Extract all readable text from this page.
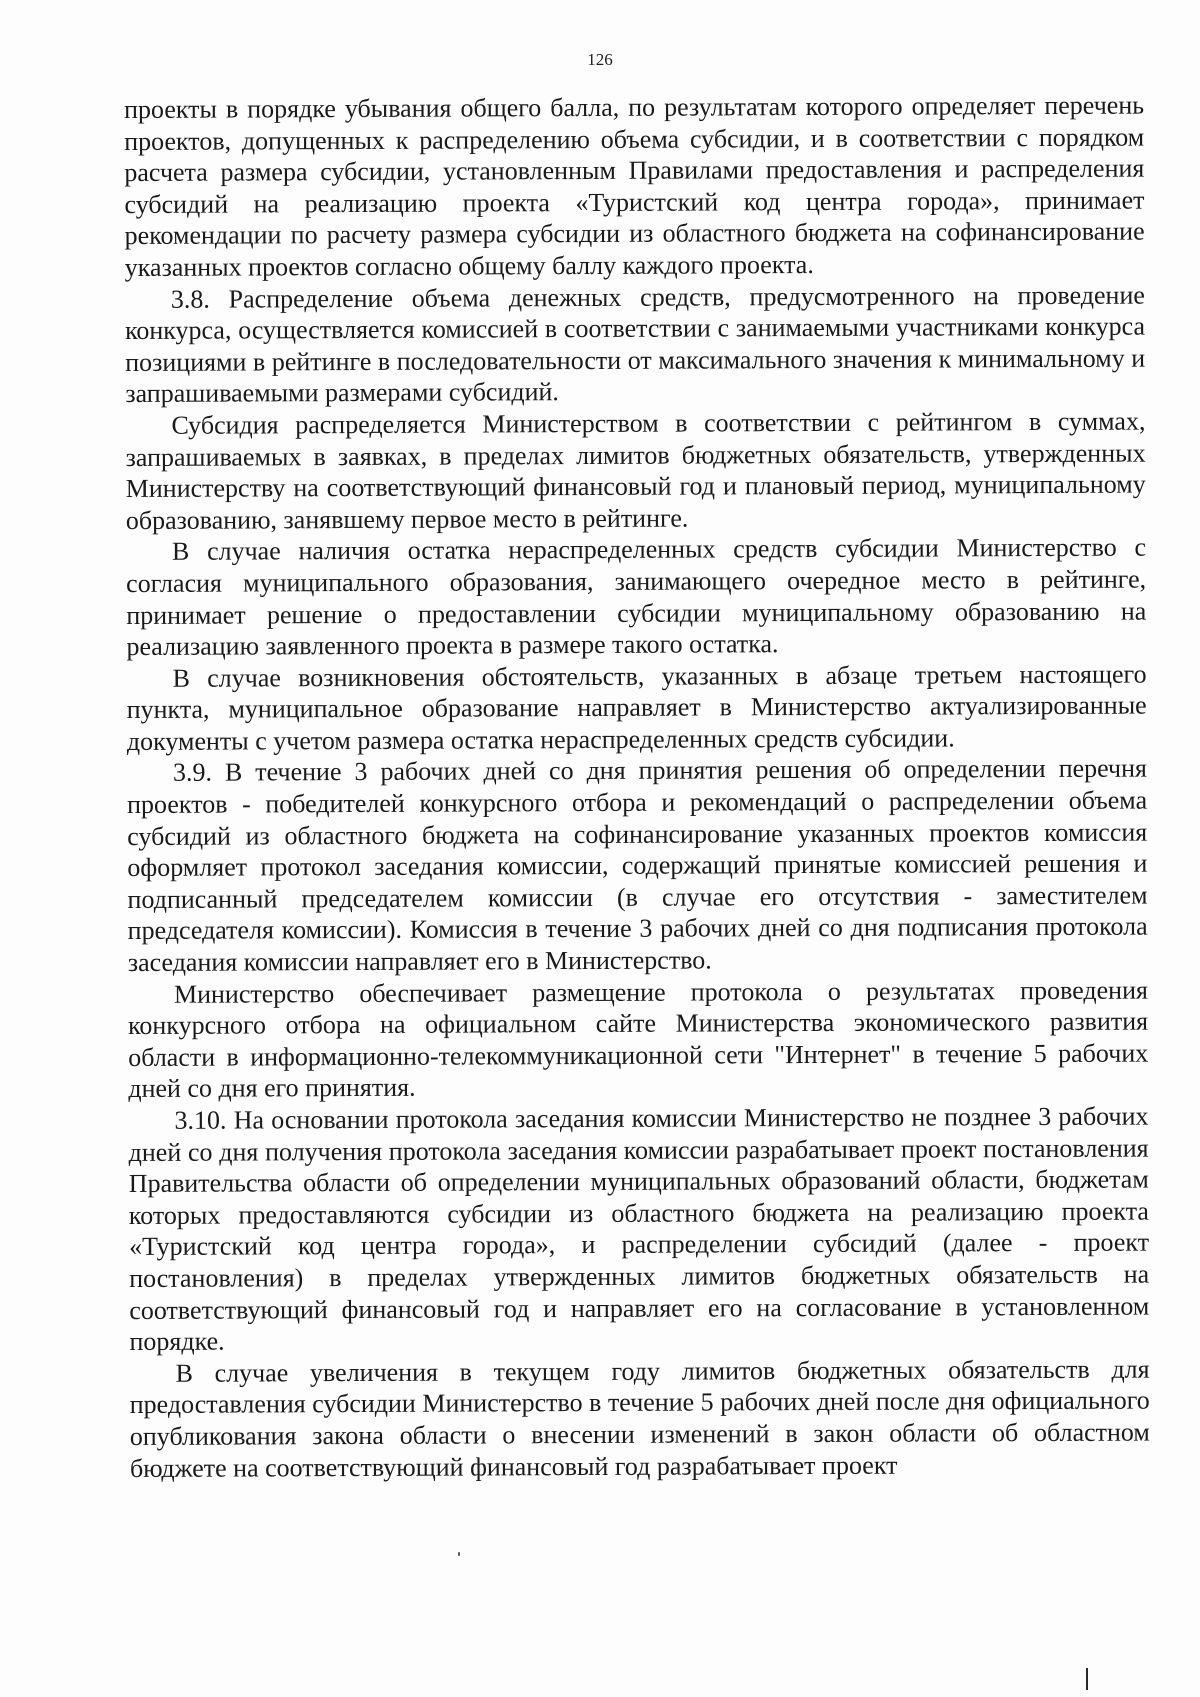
126

проекты в порядке убывания общего балла, по результатам которого определяет перечень проектов, допущенных к распределению объема субсидии, и в соответствии с порядком расчета размера субсидии, установленным Правилами предоставления и распределения субсидий на реализацию проекта «Туристский код центра города», принимает рекомендации по расчету размера субсидии из областного бюджета на софинансирование указанных проектов согласно общему баллу каждого проекта.

3.8. Распределение объема денежных средств, предусмотренного на проведение конкурса, осуществляется комиссией в соответствии с занимаемыми участниками конкурса позициями в рейтинге в последовательности от максимального значения к минимальному и запрашиваемыми размерами субсидий.

Субсидия распределяется Министерством в соответствии с рейтингом в суммах, запрашиваемых в заявках, в пределах лимитов бюджетных обязательств, утвержденных Министерству на соответствующий финансовый год и плановый период, муниципальному образованию, занявшему первое место в рейтинге.

В случае наличия остатка нераспределенных средств субсидии Министерство с согласия муниципального образования, занимающего очередное место в рейтинге, принимает решение о предоставлении субсидии муниципальному образованию на реализацию заявленного проекта в размере такого остатка.

В случае возникновения обстоятельств, указанных в абзаце третьем настоящего пункта, муниципальное образование направляет в Министерство актуализированные документы с учетом размера остатка нераспределенных средств субсидии.

3.9. В течение 3 рабочих дней со дня принятия решения об определении перечня проектов - победителей конкурсного отбора и рекомендаций о распределении объема субсидий из областного бюджета на софинансирование указанных проектов комиссия оформляет протокол заседания комиссии, содержащий принятые комиссией решения и подписанный председателем комиссии (в случае его отсутствия - заместителем председателя комиссии). Комиссия в течение 3 рабочих дней со дня подписания протокола заседания комиссии направляет его в Министерство.

Министерство обеспечивает размещение протокола о результатах проведения конкурсного отбора на официальном сайте Министерства экономического развития области в информационно-телекоммуникационной сети "Интернет" в течение 5 рабочих дней со дня его принятия.

3.10. На основании протокола заседания комиссии Министерство не позднее 3 рабочих дней со дня получения протокола заседания комиссии разрабатывает проект постановления Правительства области об определении муниципальных образований области, бюджетам которых предоставляются субсидии из областного бюджета на реализацию проекта «Туристский код центра города», и распределении субсидий (далее - проект постановления) в пределах утвержденных лимитов бюджетных обязательств на соответствующий финансовый год и направляет его на согласование в установленном порядке.

В случае увеличения в текущем году лимитов бюджетных обязательств для предоставления субсидии Министерство в течение 5 рабочих дней после дня официального опубликования закона области о внесении изменений в закон области об областном бюджете на соответствующий финансовый год разрабатывает проект
